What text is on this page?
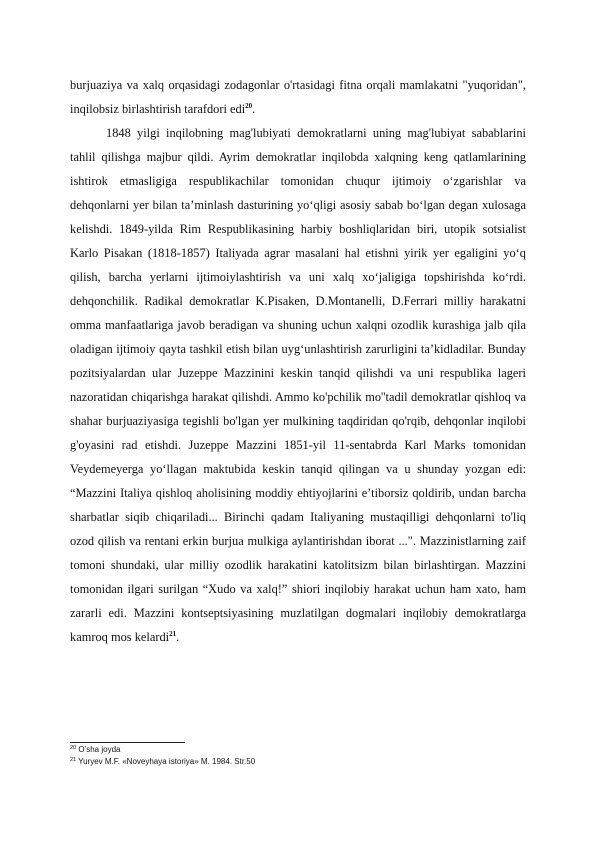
burjuaziya va xalq orqasidagi zodagonlar o'rtasidagi fitna orqali mamlakatni "yuqoridan", inqilobsiz birlashtirish tarafdori edi$^{20}$.

1848 yilgi inqilobning mag'lubiyati demokratlarni uning mag'lubiyat sabablarini tahlil qilishga majbur qildi. Ayrim demokratlar inqilobda xalqning keng qatlamlarining ishtirok etmasligiga respublikachilar tomonidan chuqur ijtimoiy o‘zgarishlar va dehqonlarni yer bilan ta’minlash dasturining yo‘qligi asosiy sabab bo‘lgan degan xulosaga kelishdi. 1849-yilda Rim Respublikasining harbiy boshliqlaridan biri, utopik sotsialist Karlo Pisakan (1818-1857) Italiyada agrar masalani hal etishni yirik yer egaligini yo‘q qilish, barcha yerlarni ijtimoiylashtirish va uni xalq xo‘jaligiga topshirishda ko‘rdi. dehqonchilik. Radikal demokratlar K.Pisaken, D.Montanelli, D.Ferrari milliy harakatni omma manfaatlariga javob beradigan va shuning uchun xalqni ozodlik kurashiga jalb qila oladigan ijtimoiy qayta tashkil etish bilan uyg‘unlashtirish zarurligini ta’kidladilar. Bunday pozitsiyalardan ular Juzeppe Mazzinini keskin tanqid qilishdi va uni respublika lageri nazoratidan chiqarishga harakat qilishdi. Ammo ko'pchilik mo''tadil demokratlar qishloq va shahar burjuaziyasiga tegishli bo'lgan yer mulkining taqdiridan qo'rqib, dehqonlar inqilobi g'oyasini rad etishdi. Juzeppe Mazzini 1851-yil 11-sentabrda Karl Marks tomonidan Veydemeyerga yo‘llagan maktubida keskin tanqid qilingan va u shunday yozgan edi: “Mazzini Italiya qishloq aholisining moddiy ehtiyojlarini e’tiborsiz qoldirib, undan barcha sharbatlar siqib chiqariladi... Birinchi qadam Italiyaning mustaqilligi dehqonlarni to'liq ozod qilish va rentani erkin burjua mulkiga aylantirishdan iborat ...". Mazzinistlarning zaif tomoni shundaki, ular milliy ozodlik harakatini katolitsizm bilan birlashtirgan. Mazzini tomonidan ilgari surilgan “Xudo va xalq!” shiori inqilobiy harakat uchun ham xato, ham zararli edi. Mazzini kontseptsiyasining muzlatilgan dogmalari inqilobiy demokratlarga kamroq mos kelardi$^{21}$.

$^{20}$ O’sha joyda

$^{21}$ Yuryev M.F. «Noveyhaya istoriya» M. 1984. Str.50
